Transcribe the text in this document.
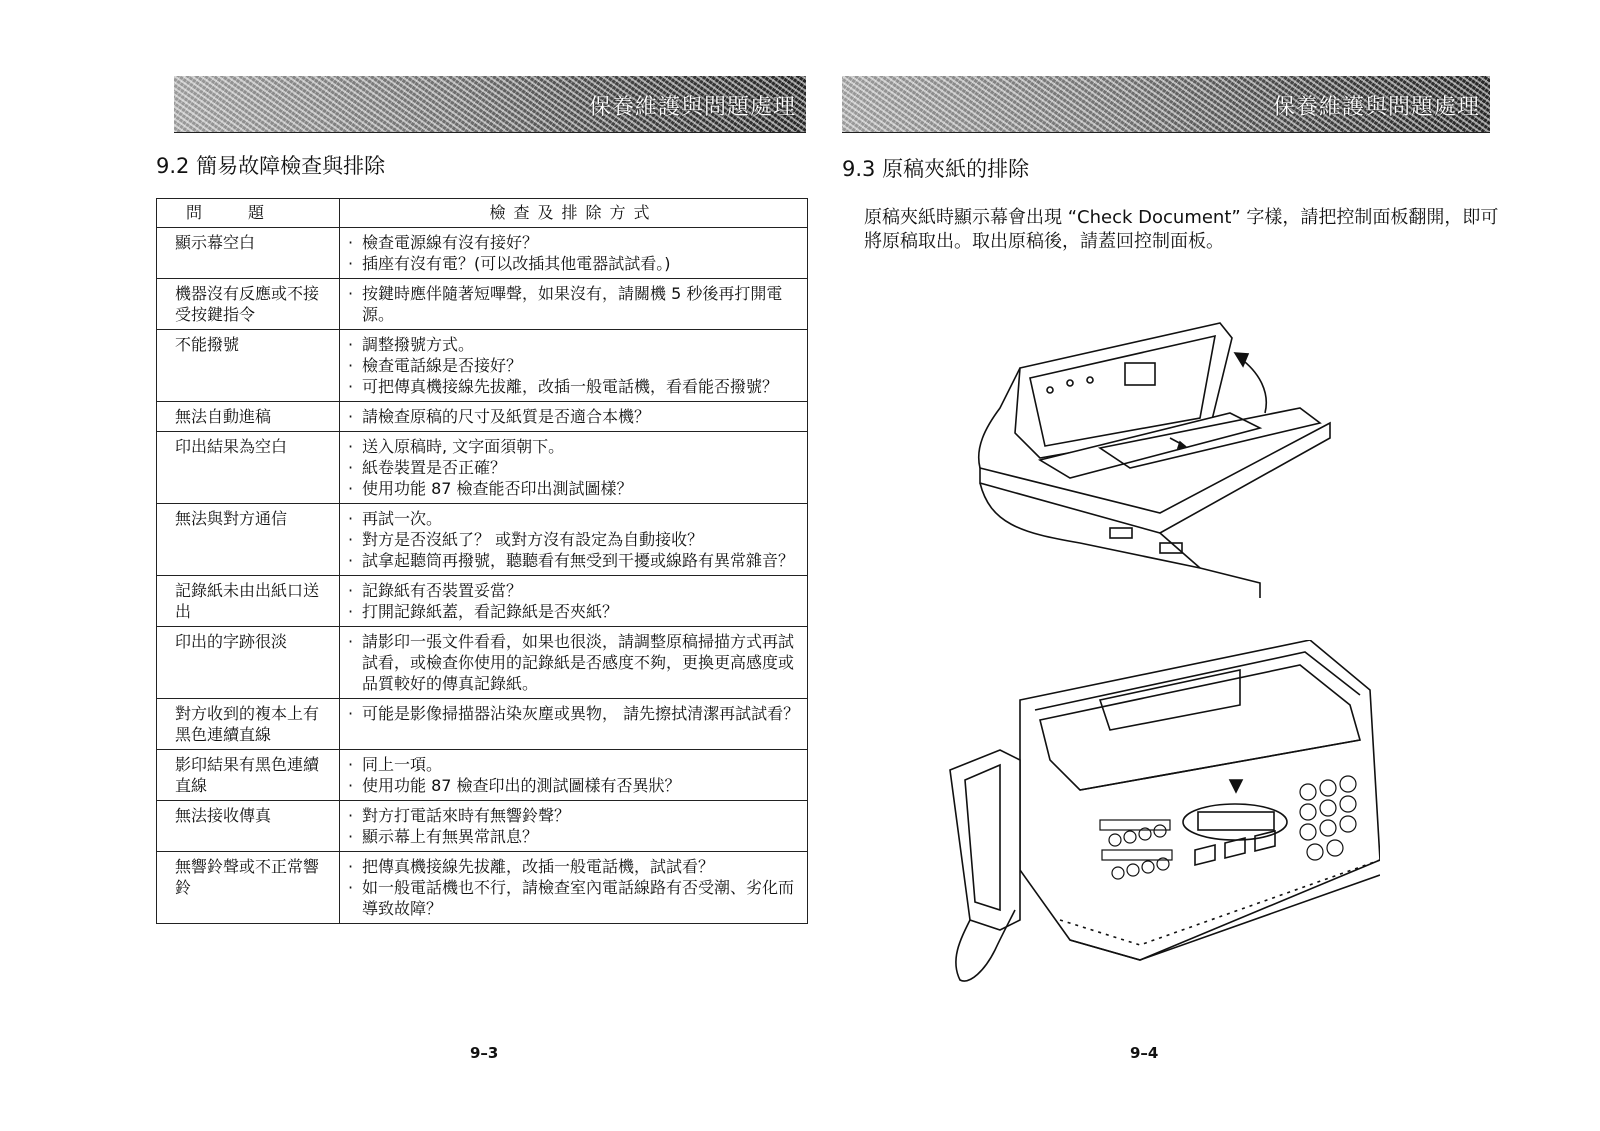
保養維護與問題處理
9.2 簡易故障檢查與排除
問題	檢查及排除方式
顯示幕空白	· 檢查電源線有沒有接好？
· 插座有沒有電？(可以改插其他電器試試看。)

機器沒有反應或不接受按鍵指令	· 按鍵時應伴隨著短嗶聲，如果沒有，請關機 5 秒後再打開電源。

不能撥號	· 調整撥號方式。
· 檢查電話線是否接好？
· 可把傳真機接線先拔離，改插一般電話機，看看能否撥號？

無法自動進稿	· 請檢查原稿的尺寸及紙質是否適合本機？

印出結果為空白	· 送入原稿時, 文字面須朝下。
· 紙卷裝置是否正確？
· 使用功能 87 檢查能否印出測試圖樣？

無法與對方通信	· 再試一次。
· 對方是否沒紙了？ 或對方沒有設定為自動接收？
· 試拿起聽筒再撥號，聽聽看有無受到干擾或線路有異常雜音？

記錄紙未由出紙口送出	· 記錄紙有否裝置妥當？
· 打開記錄紙蓋，看記錄紙是否夾紙？

印出的字跡很淡	· 請影印一張文件看看，如果也很淡，請調整原稿掃描方式再試試看，或檢查你使用的記錄紙是否感度不夠，更換更高感度或品質較好的傳真記錄紙。

對方收到的複本上有黑色連續直線	· 可能是影像掃描器沾染灰塵或異物， 請先擦拭清潔再試試看？

影印結果有黑色連續直線	· 同上一項。
· 使用功能 87 檢查印出的測試圖樣有否異狀？

無法接收傳真	· 對方打電話來時有無響鈴聲？
· 顯示幕上有無異常訊息？

無響鈴聲或不正常響鈴	· 把傳真機接線先拔離，改插一般電話機，試試看？
· 如一般電話機也不行，請檢查室內電話線路有否受潮、劣化而導致故障？
9–3
保養維護與問題處理
9.3 原稿夾紙的排除
原稿夾紙時顯示幕會出現 “Check Document” 字樣，請把控制面板翻開，即可將原稿取出。取出原稿後，請蓋回控制面板。
9–4
